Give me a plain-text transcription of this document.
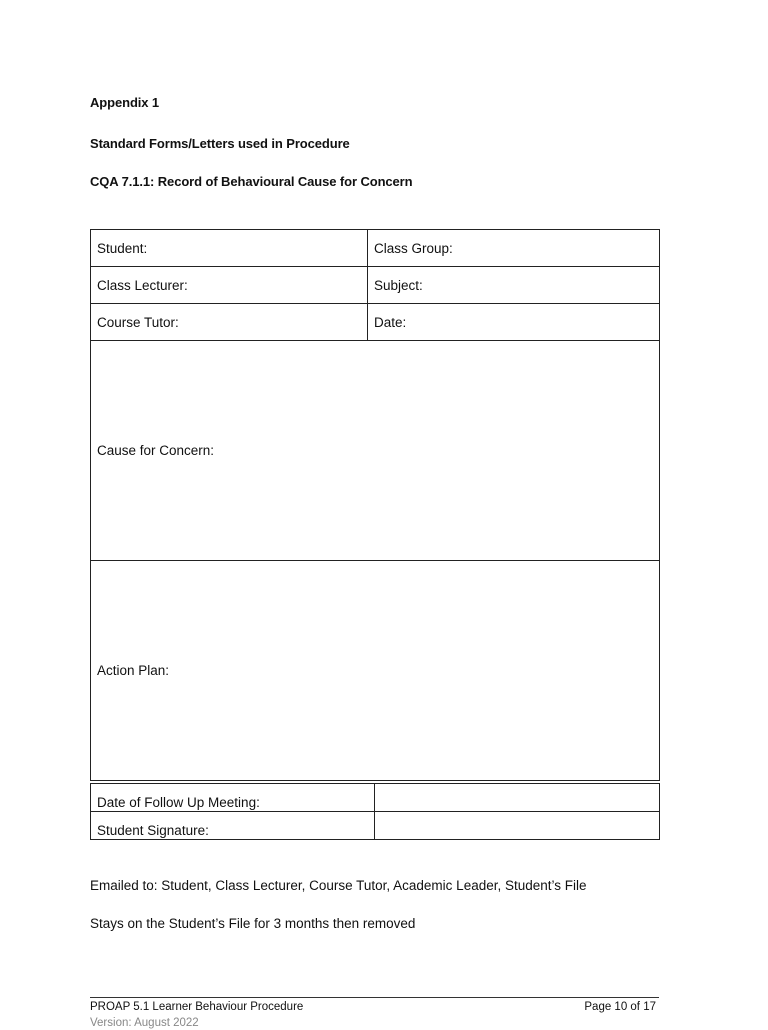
Appendix 1
Standard Forms/Letters used in Procedure
CQA 7.1.1: Record of Behavioural Cause for Concern
Student:	Class Group:
Class Lecturer:	Subject:
Course Tutor:	Date:
Cause for Concern:	
Action Plan:	
Date of Follow Up Meeting:	
Student Signature:	
Emailed to: Student, Class Lecturer, Course Tutor, Academic Leader, Student’s File
Stays on the Student’s File for 3 months then removed
PROAP 5.1 Learner Behaviour Procedure	Page 10 of 17
Version: August 2022
